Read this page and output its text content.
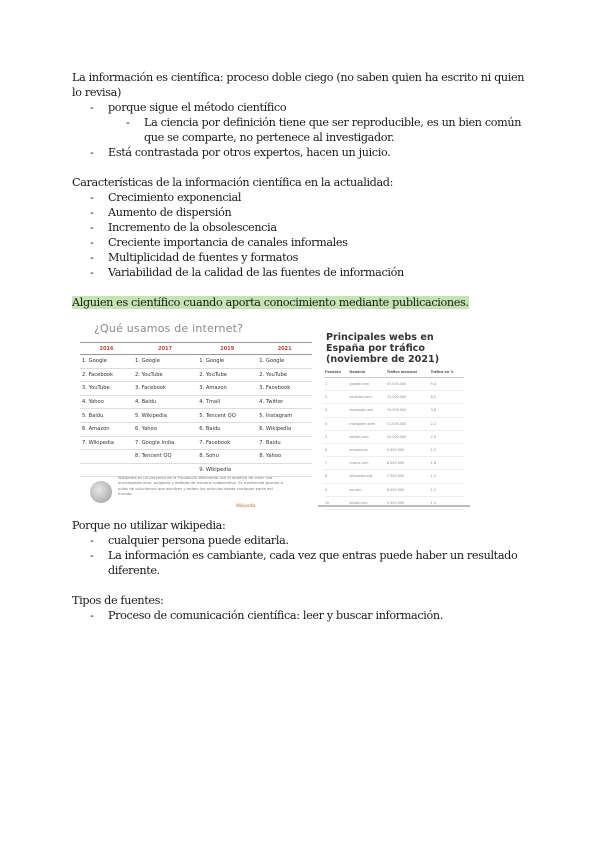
La información es científica: proceso doble ciego (no saben quien ha escrito ni quien lo revisa)

- porque sigue el método científico
- La ciencia por definición tiene que ser reproducible, es un bien común que se comparte, no pertenece al investigador.
- Está contrastada por otros expertos, hacen un juicio.

Características de la información científica en la actualidad:

- Crecimiento exponencial
- Aumento de dispersión
- Incremento de la obsolescencia
- Creciente importancia de canales informales
- Multiplicidad de fuentes y formatos
- Variabilidad de la calidad de las fuentes de información

Alguien es científico cuando aporta conocimiento mediante publicaciones.

¿Qué usamos de internet?
2016	2017	2019	2021
1. Google	1. Google	1. Google	1. Google
2. Facebook	2. YouTube	2. YouTube	2. YouTube
3. YouTube	3. Facebook	3. Amazon	3. Facebook
4. Yahoo	4. Baidu	4. Tmall	4. Twitter
5. Baidu	5. Wikipedia	5. Tencent QQ	5. Instagram
6. Amazon	6. Yahoo	6. Baidu	6. Wikipedia
7. Wikipedia	7. Google India	7. Facebook	7. Baidu
	8. Tencent QQ	8. Sohu	8. Yahoo
		9. Wikipedia	
Wikipedia es un proyecto de la Fundación Wikimedia con el objetivo de crear una enciclopedia libre, políglota y editada de manera colaborativa. Es mantenida gracias a miles de voluntarios que escriben y editan los artículos desde cualquier parte del mundo.
Wikipedia
Principales webs en España por tráfico (noviembre de 2021)
Posición	Dominio	Tráfico mensual	Tráfico en %
1	google.com	47.000.000	9,4
2	youtube.com	31.000.000	6,2
3	facebook.com	19.000.000	3,8
4	instagram.com	11.000.000	2,2
5	twitter.com	10.000.000	2,0
6	amazon.es	9.500.000	1,9
7	marca.com	8.000.000	1,6
8	wikipedia.org	7.500.000	1,5
9	as.com	6.000.000	1,2
10	elpais.com	5.500.000	1,1

Porque no utilizar wikipedia:

- cualquier persona puede editarla.
- La información es cambiante, cada vez que entras puede haber un resultado diferente.

Tipos de fuentes:

- Proceso de comunicación científica: leer y buscar información.
